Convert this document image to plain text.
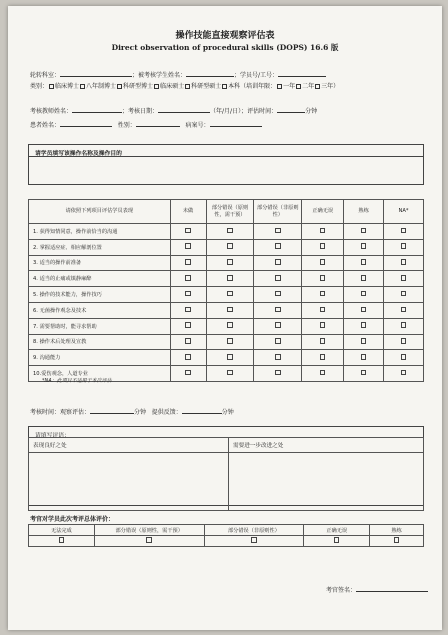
操作技能直接观察评估表
Direct observation of procedural skills (DOPS) 16.6 版
轮转科室：	；被考核学生姓名：	；学员号/工号：
类别： 临床博士 八年制博士 科研型博士 临床硕士 科研型硕士 本科（培训年限： 一年 二年 三年）
考核教师姓名：	；考核日期：	（年/月/日）；评估时间：	分钟
患者姓名：	性别：	病案号：
请学员填写该操作名称及操作目的
请依照下列项目评估学员表现	未做	部分错误（原则性，需干预）	部分错误（非原则性）	正确无误	熟练	NA*
1. 获得知情同意，操作前恰当的沟通						
2. 掌握适应症、相应解剖位置						
3. 适当的操作前准备						
4. 适当的止痛或镇静麻醉						
5. 操作的技术能力，操作技巧						
6. 无菌操作观念及技术						
7. 需要帮助时，能寻求帮助						
8. 操作术后处理及宣教						
9. 沟通能力						
10.爱伤观念，人道专业						
*NA：此项目不适用于本次评估
考核时间：观察评估：	分钟 提供反馈：	分钟
请填写评语：
表现良好之处	需要进一步改进之处

考官对学员此次考评总体评价：
无法完成	部分错误（原则性，需干预）	部分错误（非原则性）	正确无误	熟练

考官签名：
